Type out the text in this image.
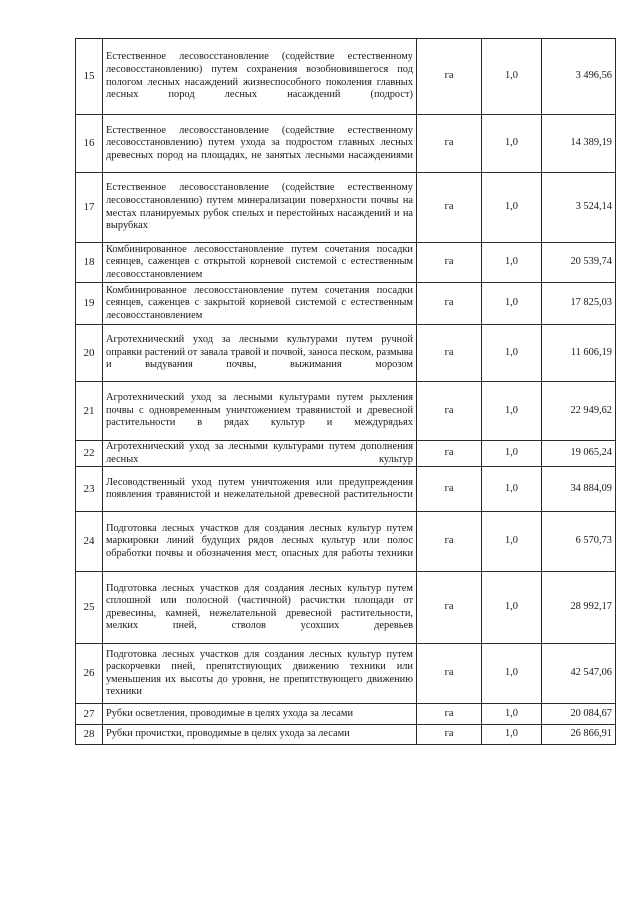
15	Естественное лесовосстановление (содействие естественному лесовосстановлению) путем сохранения возобновившегося под пологом лесных насаждений жизнеспособного поколения главных лесных пород лесных насаждений (подрост)	га	1,0	3 496,56
16	Естественное лесовосстановление (содействие естественному лесовосстановлению) путем ухода за подростом главных лесных древесных пород на площадях, не занятых лесными насаждениями	га	1,0	14 389,19
17	Естественное лесовосстановление (содействие естественному лесовосстановлению) путем минерализации поверхности почвы на местах планируемых рубок спелых и перестойных насаждений и на вырубках	га	1,0	3 524,14
18	Комбинированное лесовосстановление путем сочетания посадки сеянцев, саженцев с открытой корневой системой с естественным лесовосстановлением	га	1,0	20 539,74
19	Комбинированное лесовосстановление путем сочетания посадки сеянцев, саженцев с закрытой корневой системой с естественным лесовосстановлением	га	1,0	17 825,03
20	Агротехнический уход за лесными культурами путем ручной оправки растений от завала травой и почвой, заноса песком, размыва и выдувания почвы, выжимания морозом	га	1,0	11 606,19
21	Агротехнический уход за лесными культурами путем рыхления почвы с одновременным уничтожением травянистой и древесной растительности в рядах культур и междурядьях	га	1,0	22 949,62
22	Агротехнический уход за лесными культурами путем дополнения лесных культур	га	1,0	19 065,24
23	Лесоводственный уход путем уничтожения или предупреждения появления травянистой и нежелательной древесной растительности	га	1,0	34 884,09
24	Подготовка лесных участков для создания лесных культур путем маркировки линий будущих рядов лесных культур или полос обработки почвы и обозначения мест, опасных для работы техники	га	1,0	6 570,73
25	Подготовка лесных участков для создания лесных культур путем сплошной или полосной (частичной) расчистки площади от древесины, камней, нежелательной древесной растительности, мелких пней, стволов усохших деревьев	га	1,0	28 992,17
26	Подготовка лесных участков для создания лесных культур путем раскорчевки пней, препятствующих движению техники или уменьшения их высоты до уровня, не препятствующего движению техники	га	1,0	42 547,06
27	Рубки осветления, проводимые в целях ухода за лесами	га	1,0	20 084,67
28	Рубки прочистки, проводимые в целях ухода за лесами	га	1,0	26 866,91
